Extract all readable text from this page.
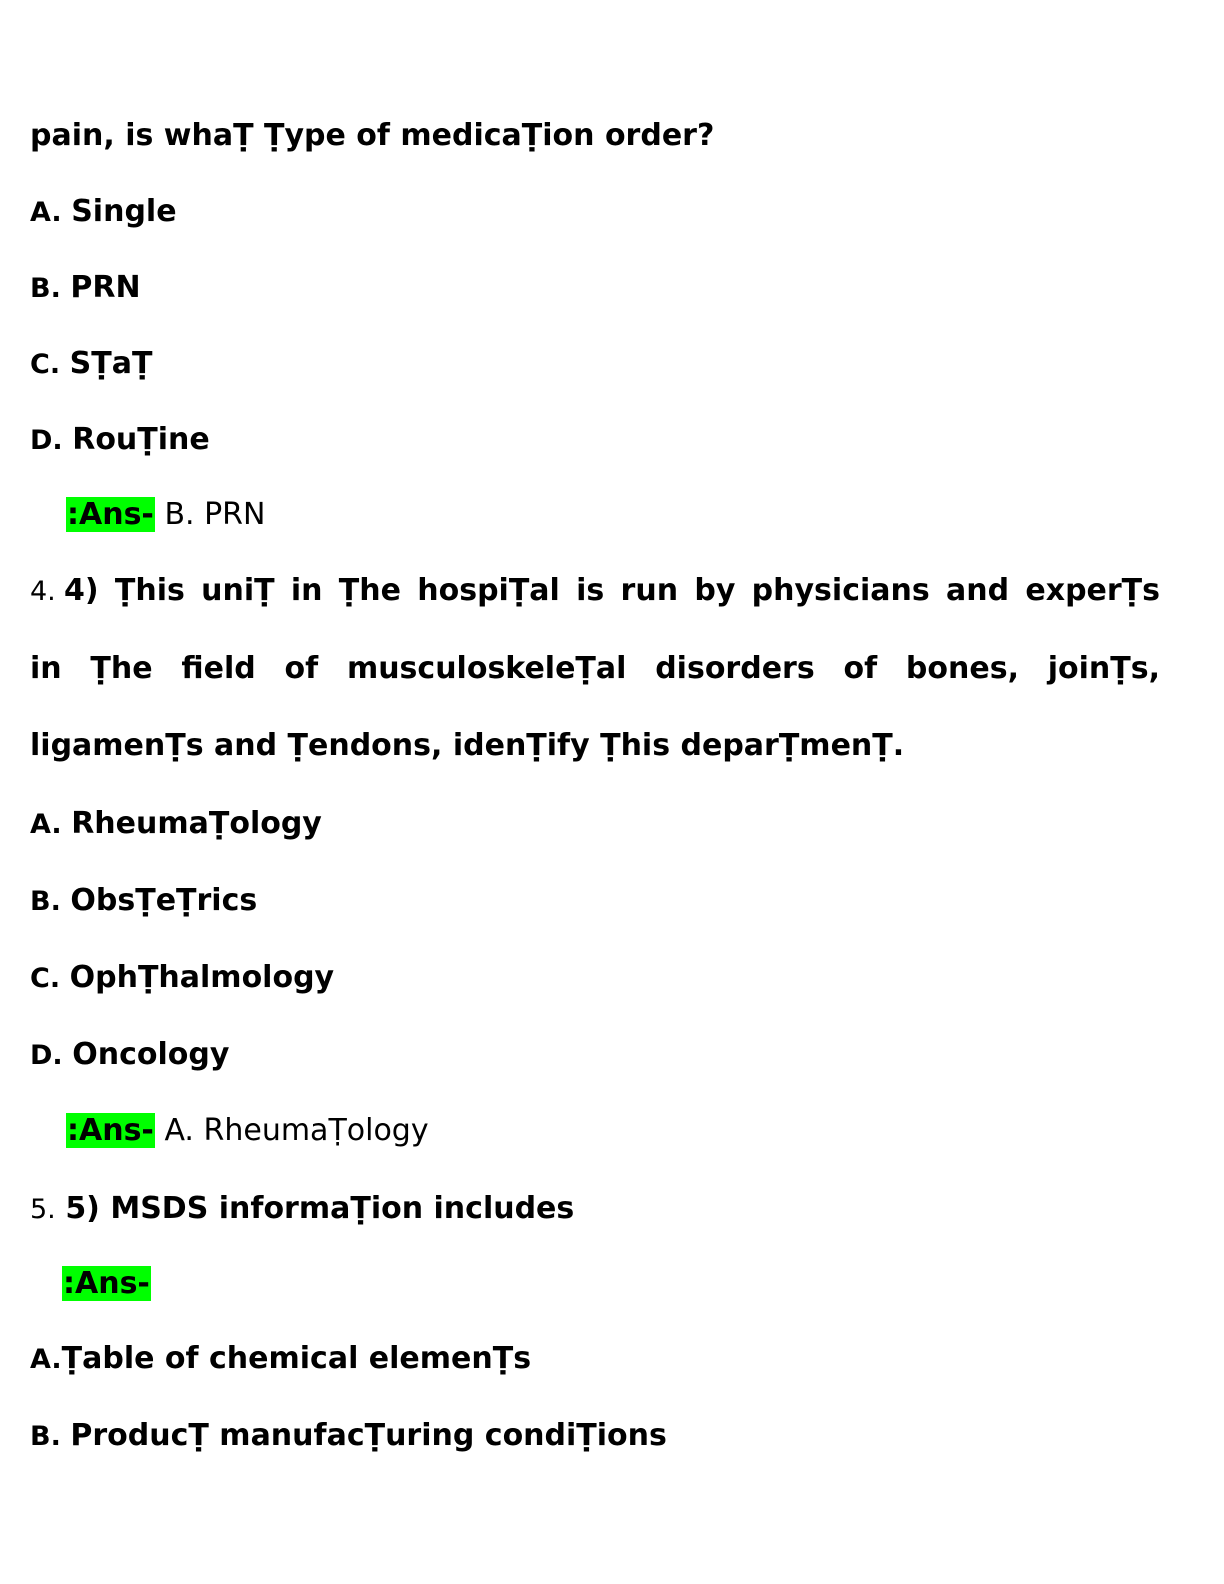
pain, is whaṬ Ṭype of medicaṬion order?
A. Single
B. PRN
C. SṬaṬ
D. RouṬine
:Ans- B. PRN
4. 4) Ṭhis uniṬ in Ṭhe hospiṬal is run by physicians and experṬs
in Ṭhe field of musculoskeleṬal disorders of bones, joinṬs,
ligamenṬs and Ṭendons, idenṬify Ṭhis deparṬmenṬ.
A. RheumaṬology
B. ObsṬeṬrics
C. OphṬhalmology
D. Oncology
:Ans- A. RheumaṬology
5. 5) MSDS informaṬion includes
:Ans-
A.Ṭable of chemical elemenṬs
B. ProducṬ manufacṬuring condiṬions
